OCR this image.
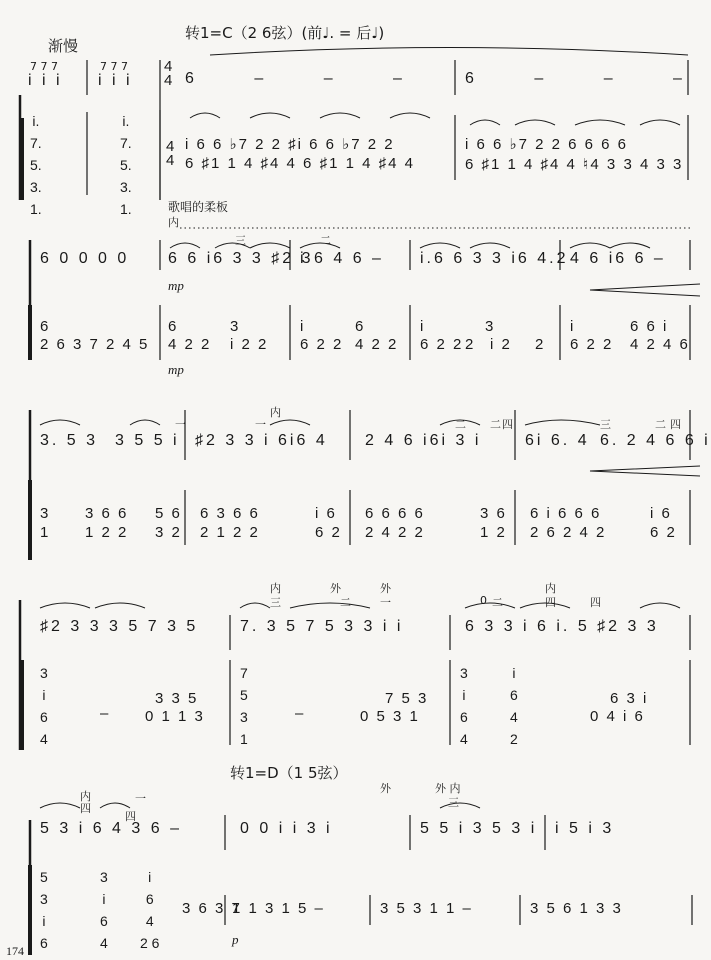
渐慢
转1=C（2 6弦）(前♩. = 后♩)
7 7 7
i i i
7 7 7
i i i
4
4 6 – – –	6 – – –
i.
7.
5.
3.
1.
i.
7.
5.
3.
1.
4
4
i 6 6 ♭7 2 2 ♯i 6 6 ♭7 2 2
6 ♯1 1 4 ♯4 4 6 ♯1 1 4 ♯4 4
i 6 6 ♭7 2 2 6 6 6 6
6 ♯1 1 4 ♯4 4 ♮4 3 3 4 3 3
歌唱的柔板
内
三	二
6 0 0 0 0 6 6 i6 3 3 ♯2 3
i 6 4 6 – i.6 6 3 3 i6 4.2 4 6 i6 6 –
mp
6
2 6 3 7 2 4 5
6	3
4 2 2 i 2 2
i	6
6 2 2 4 2 2
i	3
6 2 2 2 i 2 2
i	6 6 i
6 2 2 4 2 4 6
mp
内
一	一	二 二 四	三	二 四
3. 5 3 3 5 5 i ♯2 3 3 i 6i6 4 2 4 6 i6i 3 i	6i 6. 4 6. 2 4 6 6 i
3
1
3 6 6
1 2 2
5 6
3 2
6 3 6 6
2 1 2 2
i 6
6 2
6 6 6 6
2 4 2 2
3 6
1 2
6 i 6 6 6
2 6 2 4 2
i 6
6 2
内	外	外	内
三	二	一	0 二	四	四
♯2 3 3 3 5 7 3 5	7. 3 5 7 5 3 3 i i	6 3 3 i 6 i. 5 ♯2 3 3
3
i
6
4
–
3 3 5
0 1 1 3
7
5
3
1
–
7 5 3
0 5 3 1
3
i
6
4
i
6
4
2
6 3 i
0 4 i 6
转1=D（1 5弦）
内
四
四
一
外	外 内
三
5 3 i 6 4 3 6 –	0 0 i i 3 i	5 5 i 3 5 3 i i 5 i 3
5
3
i
6
3
i
6
4
i
6
4
2 6
3 6 3 7
1 1 3 1 5 –	3 5 3 1 1 –	3 5 6 1 3 3
p
174
